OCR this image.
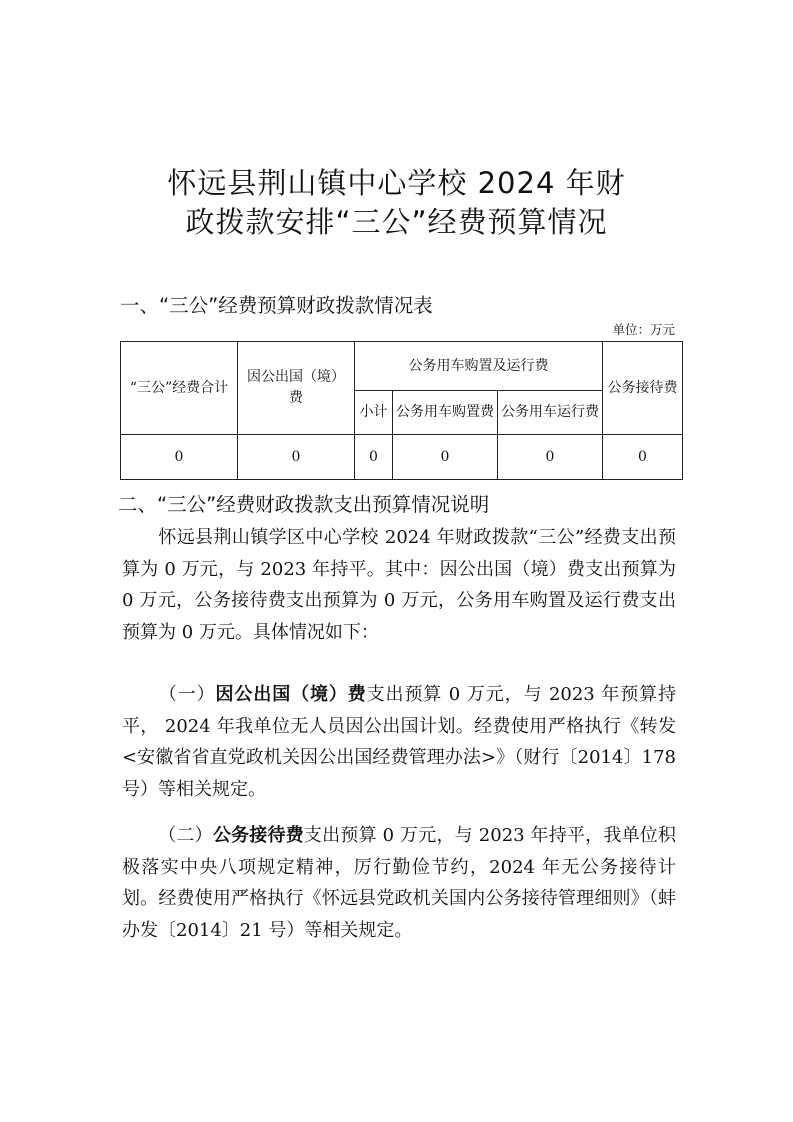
怀远县荆山镇中心学校 2024 年财
政拨款安排“三公”经费预算情况
一、“三公”经费预算财政拨款情况表
单位：万元
“三公”经费合计	因公出国（境）费	公务用车购置及运行费			公务接待费
		小计	公务用车购置费	公务用车运行费	
0	0	0	0	0	0
二、“三公”经费财政拨款支出预算情况说明
怀远县荆山镇学区中心学校 2024 年财政拨款“三公”经费支出预算为 0 万元，与 2023 年持平。其中：因公出国（境）费支出预算为 0 万元，公务接待费支出预算为 0 万元，公务用车购置及运行费支出预算为 0 万元。具体情况如下：
（一）因公出国（境）费支出预算 0 万元，与 2023 年预算持平， 2024 年我单位无人员因公出国计划。经费使用严格执行《转发<安徽省省直党政机关因公出国经费管理办法>》（财行〔2014〕178 号）等相关规定。
（二）公务接待费支出预算 0 万元，与 2023 年持平，我单位积极落实中央八项规定精神，厉行勤俭节约，2024 年无公务接待计划。经费使用严格执行《怀远县党政机关国内公务接待管理细则》（蚌办发〔2014〕21 号）等相关规定。
